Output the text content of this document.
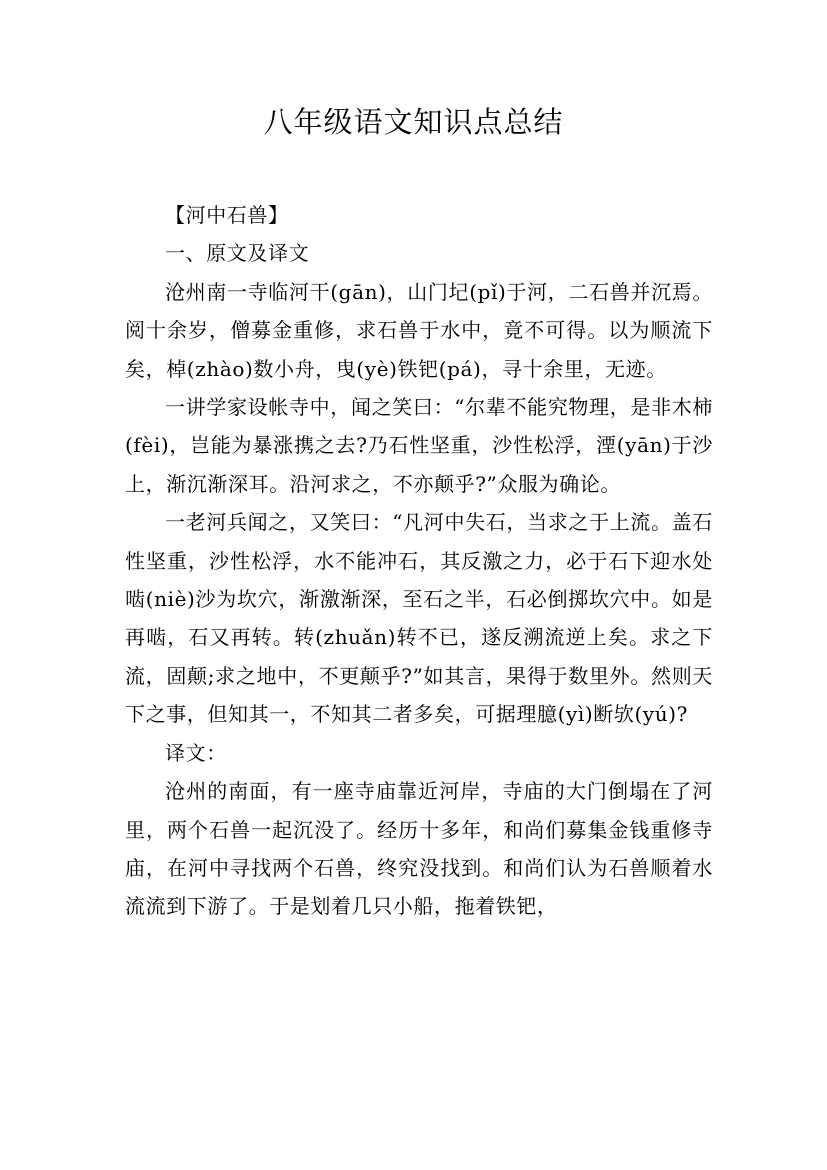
八年级语文知识点总结

【河中石兽】

一、原文及译文

沧州南一寺临河干(gān)，山门圮(pǐ)于河，二石兽并沉焉。阅十余岁，僧募金重修，求石兽于水中，竟不可得。以为顺流下矣，棹(zhào)数小舟，曳(yè)铁钯(pá)，寻十余里，无迹。

一讲学家设帐寺中，闻之笑曰：“尔辈不能究物理，是非木柿(fèi)，岂能为暴涨携之去?乃石性坚重，沙性松浮，湮(yān)于沙上，渐沉渐深耳。沿河求之，不亦颠乎?”众服为确论。

一老河兵闻之，又笑曰：“凡河中失石，当求之于上流。盖石性坚重，沙性松浮，水不能冲石，其反激之力，必于石下迎水处啮(niè)沙为坎穴，渐激渐深，至石之半，石必倒掷坎穴中。如是再啮，石又再转。转(zhuǎn)转不已，遂反溯流逆上矣。求之下流，固颠;求之地中，不更颠乎?”如其言，果得于数里外。然则天下之事，但知其一，不知其二者多矣，可据理臆(yì)断欤(yú)?

译文：

沧州的南面，有一座寺庙靠近河岸，寺庙的大门倒塌在了河里，两个石兽一起沉没了。经历十多年，和尚们募集金钱重修寺庙，在河中寻找两个石兽，终究没找到。和尚们认为石兽顺着水流流到下游了。于是划着几只小船，拖着铁钯，
